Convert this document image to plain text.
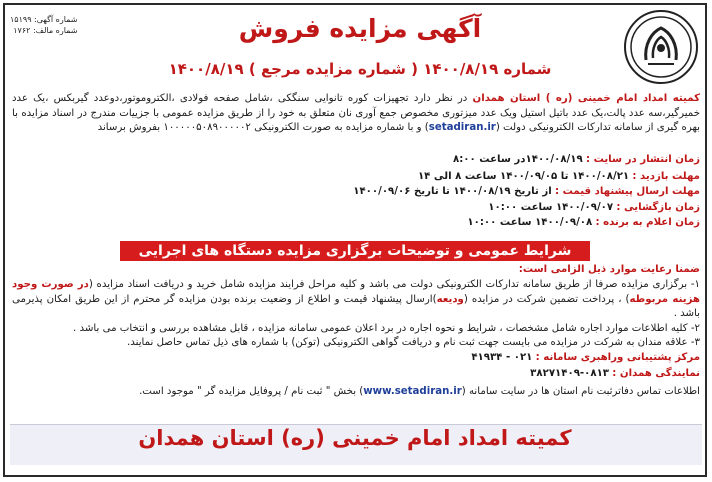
شماره آگهی: ۱۵۱۹۹
شماره مالف: ۱۷۶۲	آگهی مزایده فروش
شماره ۱۴۰۰/۸/۱۹ ( شماره مزایده مرجع ) ۱۴۰۰/۸/۱۹
کمیته امداد امام خمینی (ره ) استان همدان در نظر دارد تجهیزات کوره تانوایی سنگکی ،شامل صفحه فولادی ،الکتروموتور،دوعدد گیربکس ،یک عدد خمیرگیر،سه عدد پالت،یک عدد باتیل استیل ویک عدد میزتوری مخصوص جمع آوری نان متعلق به خود را از طریق مزایده عمومی با جزییات مندرج در اسناد مزایده با بهره گیری از سامانه تدارکات الکترونیکی دولت (setadiran.ir) و با شماره مزایده به صورت الکترونیکی ۱۰۰۰۰۰۵۰۸۹۰۰۰۰۰۲ بفروش برساند
زمان انتشار در سایت : ۱۴۰۰/۰۸/۱۹در ساعت ۸:۰۰
مهلت بازدید : ۱۴۰۰/۰۸/۲۱ تا ۱۴۰۰/۰۹/۰۵ ساعت ۸ الی ۱۴
مهلت ارسال پیشنهاد قیمت : از تاریخ ۱۴۰۰/۰۸/۱۹ تا تاریخ ۱۴۰۰/۰۹/۰۶
زمان بازگشایی : ۱۴۰۰/۰۹/۰۷ ساعت ۱۰:۰۰
زمان اعلام به برنده : ۱۴۰۰/۰۹/۰۸ ساعت ۱۰:۰۰
شرایط عمومی و توضیحات برگزاری مزایده دستگاه های اجرایی
ضمنا رعایت موارد ذیل الزامی است:
۱- برگزاری مزایده صرفا از طریق سامانه تدارکات الکترونیکی دولت می باشد و کلیه مراحل فرایند مزایده شامل خرید و دریافت اسناد مزایده (در صورت وجود هزینه مربوطه) ، پرداخت تضمین شرکت در مزایده (ودیعه)ارسال پیشنهاد قیمت و اطلاع از وضعیت برنده بودن مزایده گر محترم از این طریق امکان پذیرمی باشد .
۲- کلیه اطلاعات موارد اجاره شامل مشخصات ، شرایط و نحوه اجاره در برد اعلان عمومی سامانه مزایده ، قابل مشاهده بررسی و انتخاب می باشد .
۳- علاقه مندان به شرکت در مزایده می بایست جهت ثبت نام و دریافت گواهی الکترونیکی (توکن) با شماره های ذیل تماس حاصل نمایند.
مرکز پشتیبانی وراهبری سامانه : ۰۲۱ - ۴۱۹۳۴
نمایندگی همدان : ۰۸۱۳-۳۸۲۷۱۴۰۹
اطلاعات تماس دفاترثبت نام استان ها در سایت سامانه (www.setadiran.ir) بخش " ثبت نام / پروفایل مزایده گر " موجود است.
کمیته امداد امام خمینی (ره) استان همدان
